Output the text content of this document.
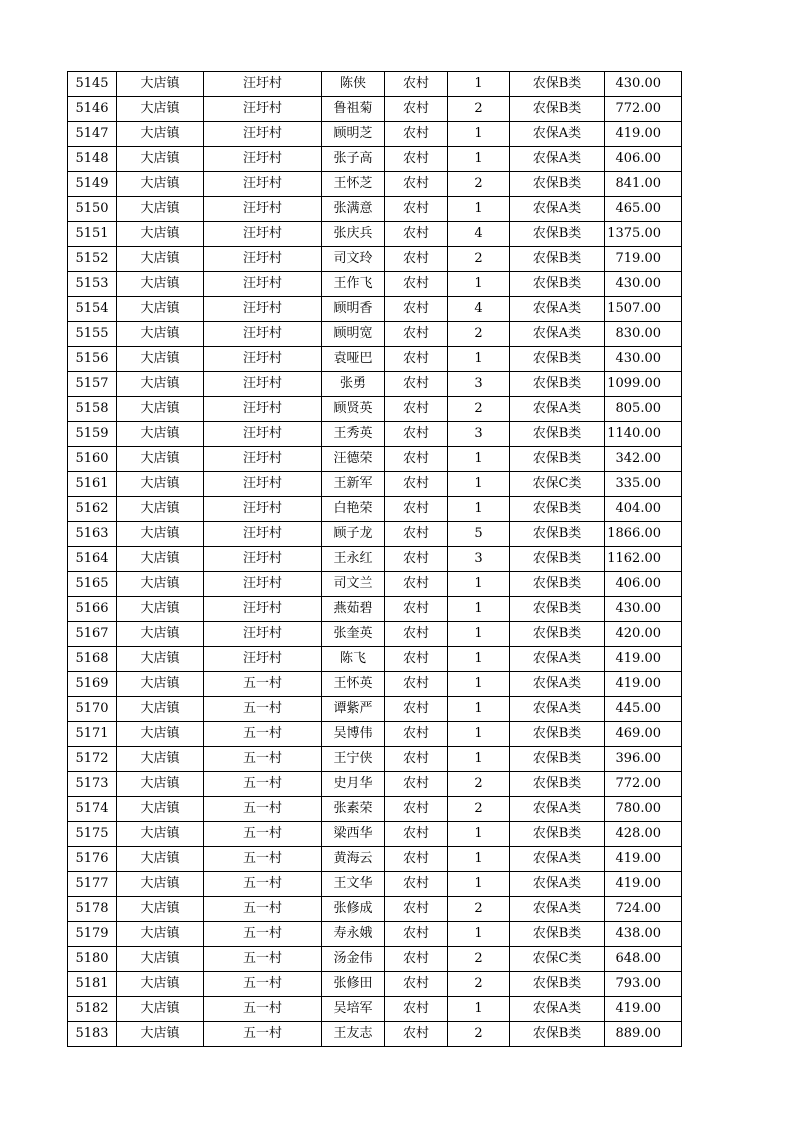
5145	大店镇	汪圩村	陈侠	农村	1	农保B类	430.00
5146	大店镇	汪圩村	鲁祖菊	农村	2	农保B类	772.00
5147	大店镇	汪圩村	顾明芝	农村	1	农保A类	419.00
5148	大店镇	汪圩村	张子高	农村	1	农保A类	406.00
5149	大店镇	汪圩村	王怀芝	农村	2	农保B类	841.00
5150	大店镇	汪圩村	张满意	农村	1	农保A类	465.00
5151	大店镇	汪圩村	张庆兵	农村	4	农保B类	1375.00
5152	大店镇	汪圩村	司文玲	农村	2	农保B类	719.00
5153	大店镇	汪圩村	王作飞	农村	1	农保B类	430.00
5154	大店镇	汪圩村	顾明香	农村	4	农保A类	1507.00
5155	大店镇	汪圩村	顾明宽	农村	2	农保A类	830.00
5156	大店镇	汪圩村	袁哑巴	农村	1	农保B类	430.00
5157	大店镇	汪圩村	张勇	农村	3	农保B类	1099.00
5158	大店镇	汪圩村	顾贤英	农村	2	农保A类	805.00
5159	大店镇	汪圩村	王秀英	农村	3	农保B类	1140.00
5160	大店镇	汪圩村	汪德荣	农村	1	农保B类	342.00
5161	大店镇	汪圩村	王新军	农村	1	农保C类	335.00
5162	大店镇	汪圩村	白艳荣	农村	1	农保B类	404.00
5163	大店镇	汪圩村	顾子龙	农村	5	农保B类	1866.00
5164	大店镇	汪圩村	王永红	农村	3	农保B类	1162.00
5165	大店镇	汪圩村	司文兰	农村	1	农保B类	406.00
5166	大店镇	汪圩村	燕茹碧	农村	1	农保B类	430.00
5167	大店镇	汪圩村	张奎英	农村	1	农保B类	420.00
5168	大店镇	汪圩村	陈飞	农村	1	农保A类	419.00
5169	大店镇	五一村	王怀英	农村	1	农保A类	419.00
5170	大店镇	五一村	谭紫严	农村	1	农保A类	445.00
5171	大店镇	五一村	吴博伟	农村	1	农保B类	469.00
5172	大店镇	五一村	王宁侠	农村	1	农保B类	396.00
5173	大店镇	五一村	史月华	农村	2	农保B类	772.00
5174	大店镇	五一村	张素荣	农村	2	农保A类	780.00
5175	大店镇	五一村	梁西华	农村	1	农保B类	428.00
5176	大店镇	五一村	黄海云	农村	1	农保A类	419.00
5177	大店镇	五一村	王文华	农村	1	农保A类	419.00
5178	大店镇	五一村	张修成	农村	2	农保A类	724.00
5179	大店镇	五一村	寿永娥	农村	1	农保B类	438.00
5180	大店镇	五一村	汤金伟	农村	2	农保C类	648.00
5181	大店镇	五一村	张修田	农村	2	农保B类	793.00
5182	大店镇	五一村	吴培军	农村	1	农保A类	419.00
5183	大店镇	五一村	王友志	农村	2	农保B类	889.00
